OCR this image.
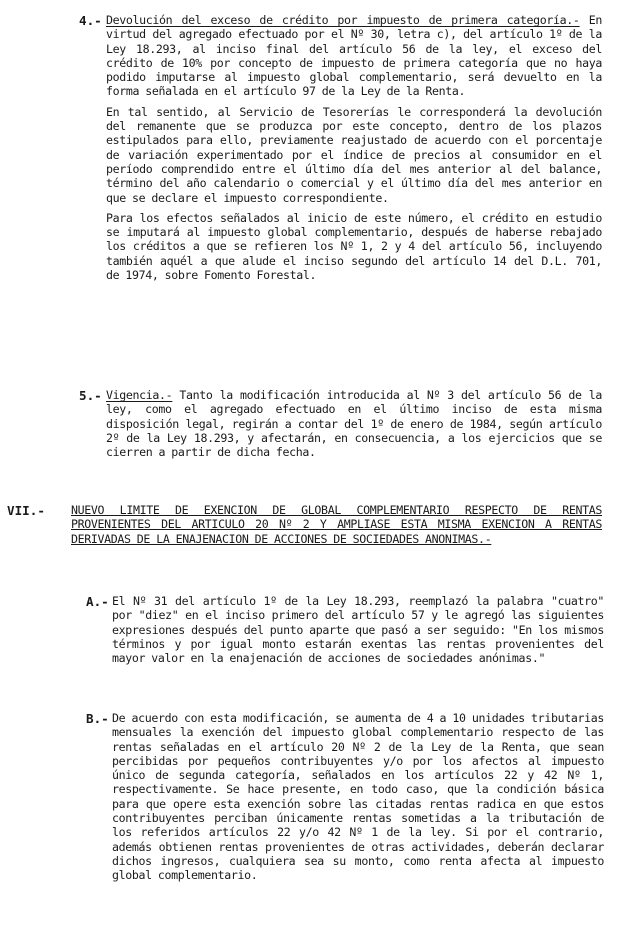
4.- Devolución del exceso de crédito por impuesto de primera categoría.- En virtud del agregado efectuado por el Nº 30, letra c), del artículo 1º de la Ley 18.293, al inciso final del artículo 56 de la ley, el exceso del crédito de 10% por concepto de impuesto de primera categoría que no haya podido imputarse al impuesto global complementario, será devuelto en la forma señalada en el artículo 97 de la Ley de la Renta.

En tal sentido, al Servicio de Tesorerías le corresponderá la devolución del remanente que se produzca por este concepto, dentro de los plazos estipulados para ello, previamente reajustado de acuerdo con el porcentaje de variación experimentado por el índice de precios al consumidor en el período comprendido entre el último día del mes anterior al del balance, término del año calendario o comercial y el último día del mes anterior en que se declare el impuesto correspondiente.

Para los efectos señalados al inicio de este número, el crédito en estudio se imputará al impuesto global complementario, después de haberse rebajado los créditos a que se refieren los Nº 1, 2 y 4 del artículo 56, incluyendo también aquél a que alude el inciso segundo del artículo 14 del D.L. 701, de 1974, sobre Fomento Forestal.

5.- Vigencia.- Tanto la modificación introducida al Nº 3 del artículo 56 de la ley, como el agregado efectuado en el último inciso de esta misma disposición legal, regirán a contar del 1º de enero de 1984, según artículo 2º de la Ley 18.293, y afectarán, en consecuencia, a los ejercicios que se cierren a partir de dicha fecha.

VII.- NUEVO LIMITE DE EXENCION DE GLOBAL COMPLEMENTARIO RESPECTO DE RENTAS PROVENIENTES DEL ARTICULO 20 Nº 2 Y AMPLIASE ESTA MISMA EXENCION A RENTAS DERIVADAS DE LA ENAJENACION DE ACCIONES DE SOCIEDADES ANONIMAS.-
A.- El Nº 31 del artículo 1º de la Ley 18.293, reemplazó la palabra "cuatro" por "diez" en el inciso primero del artículo 57 y le agregó las siguientes expresiones después del punto aparte que pasó a ser seguido: "En los mismos términos y por igual monto estarán exentas las rentas provenientes del mayor valor en la enajenación de acciones de sociedades anónimas."

B.- De acuerdo con esta modificación, se aumenta de 4 a 10 unidades tributarias mensuales la exención del impuesto global complementario respecto de las rentas señaladas en el artículo 20 Nº 2 de la Ley de la Renta, que sean percibidas por pequeños contribuyentes y/o por los afectos al impuesto único de segunda categoría, señalados en los artículos 22 y 42 Nº 1, respectivamente. Se hace presente, en todo caso, que la condición básica para que opere esta exención sobre las citadas rentas radica en que estos contribuyentes perciban únicamente rentas sometidas a la tributación de los referidos artículos 22 y/o 42 Nº 1 de la ley. Si por el contrario, además obtienen rentas provenientes de otras actividades, deberán declarar dichos ingresos, cualquiera sea su monto, como renta afecta al impuesto global complementario.
